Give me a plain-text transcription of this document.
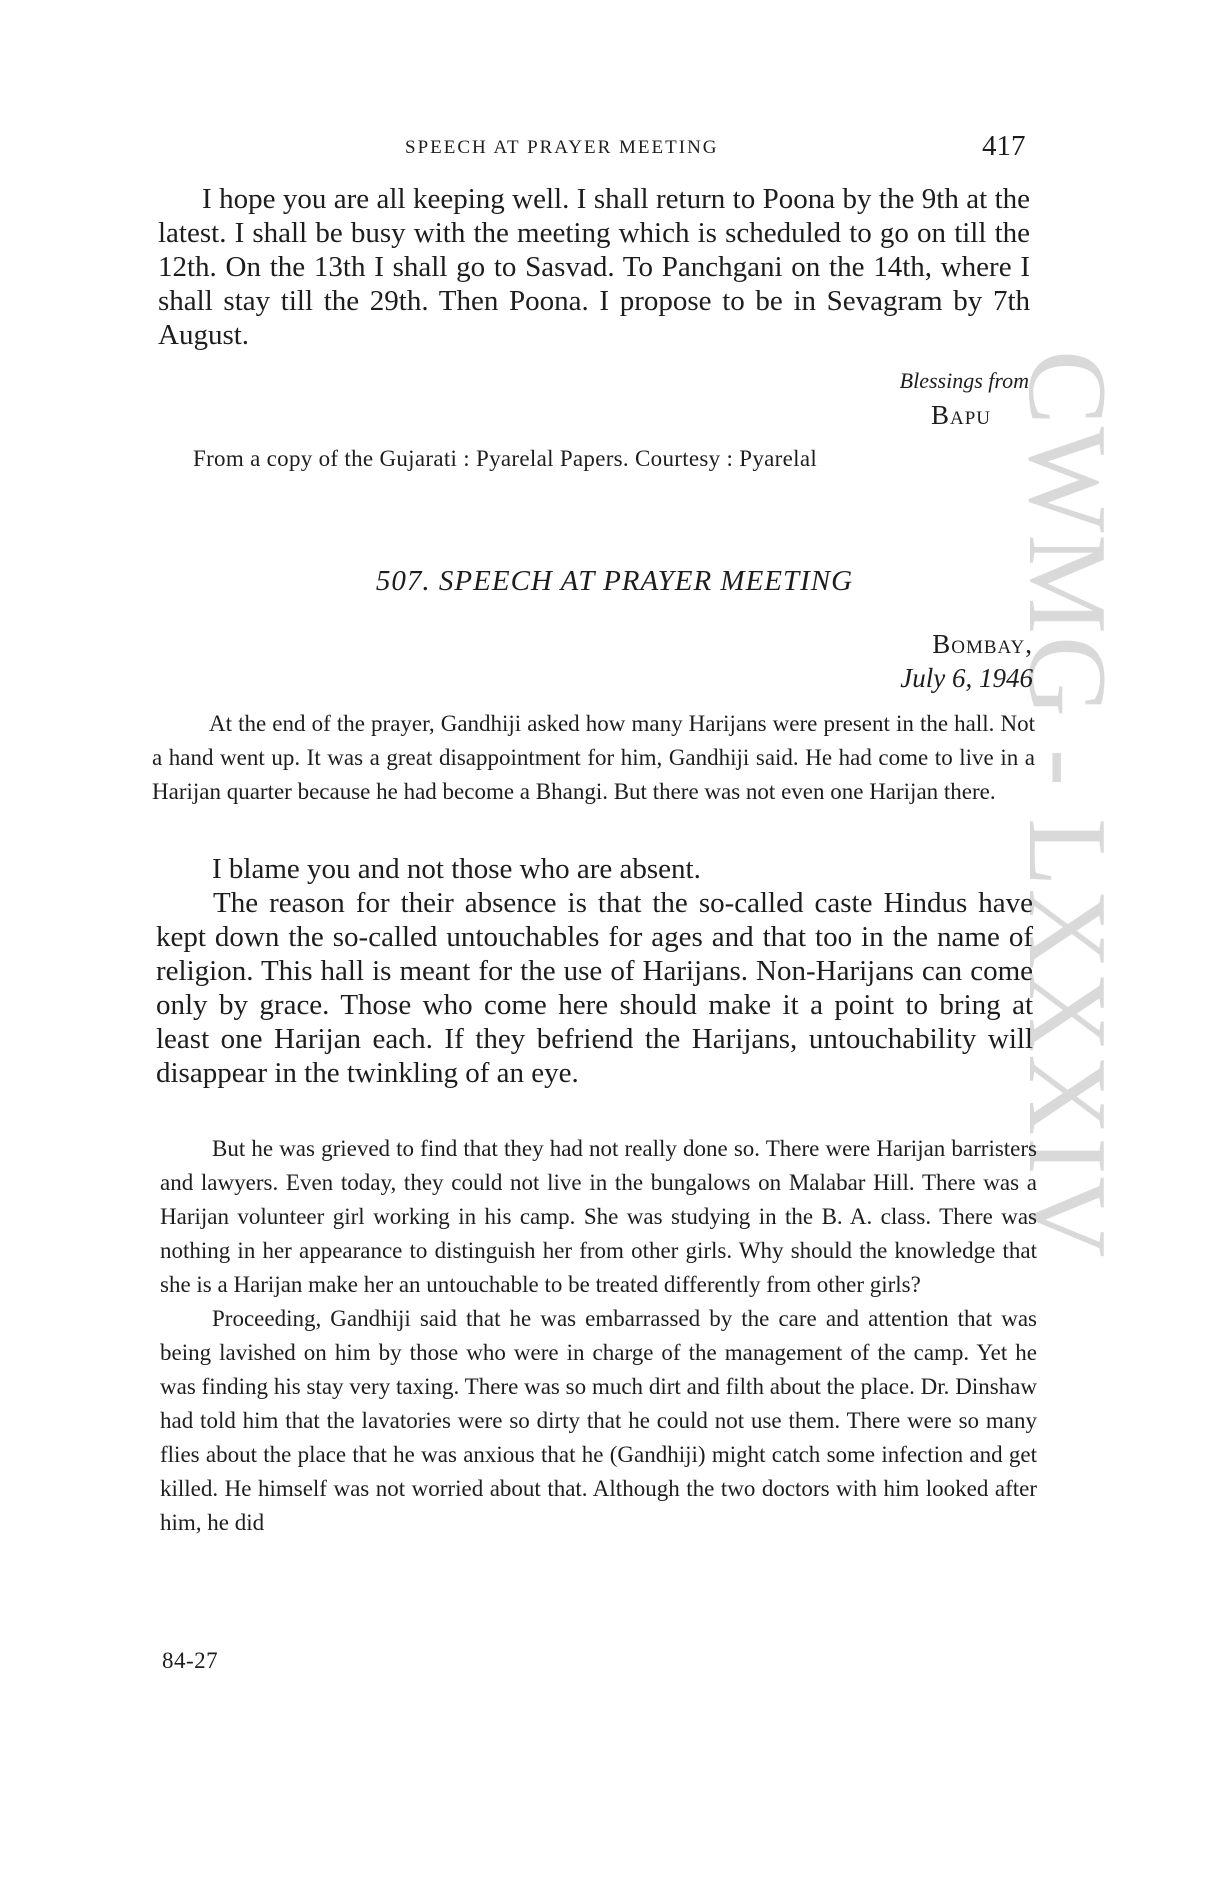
SPEECH AT PRAYER MEETING	417
CWMG - LXXXIV

I hope you are all keeping well. I shall return to Poona by the 9th at the latest. I shall be busy with the meeting which is scheduled to go on till the 12th. On the 13th I shall go to Sasvad. To Panchgani on the 14th, where I shall stay till the 29th. Then Poona. I propose to be in Sevagram by 7th August.

Blessings from
Bapu
From a copy of the Gujarati : Pyarelal Papers. Courtesy : Pyarelal
507. SPEECH AT PRAYER MEETING
Bombay,
July 6, 1946

At the end of the prayer, Gandhiji asked how many Harijans were present in the hall. Not a hand went up. It was a great disappointment for him, Gandhiji said. He had come to live in a Harijan quarter because he had become a Bhangi. But there was not even one Harijan there.

I blame you and not those who are absent.

The reason for their absence is that the so-called caste Hindus have kept down the so-called untouchables for ages and that too in the name of religion. This hall is meant for the use of Harijans. Non-Harijans can come only by grace. Those who come here should make it a point to bring at least one Harijan each. If they befriend the Harijans, untouchability will disappear in the twinkling of an eye.

But he was grieved to find that they had not really done so. There were Harijan barristers and lawyers. Even today, they could not live in the bungalows on Malabar Hill. There was a Harijan volunteer girl working in his camp. She was studying in the B. A. class. There was nothing in her appearance to distinguish her from other girls. Why should the knowledge that she is a Harijan make her an untouchable to be treated differently from other girls?

Proceeding, Gandhiji said that he was embarrassed by the care and attention that was being lavished on him by those who were in charge of the management of the camp. Yet he was finding his stay very taxing. There was so much dirt and filth about the place. Dr. Dinshaw had told him that the lavatories were so dirty that he could not use them. There were so many flies about the place that he was anxious that he (Gandhiji) might catch some infection and get killed. He himself was not worried about that. Although the two doctors with him looked after him, he did

84-27
